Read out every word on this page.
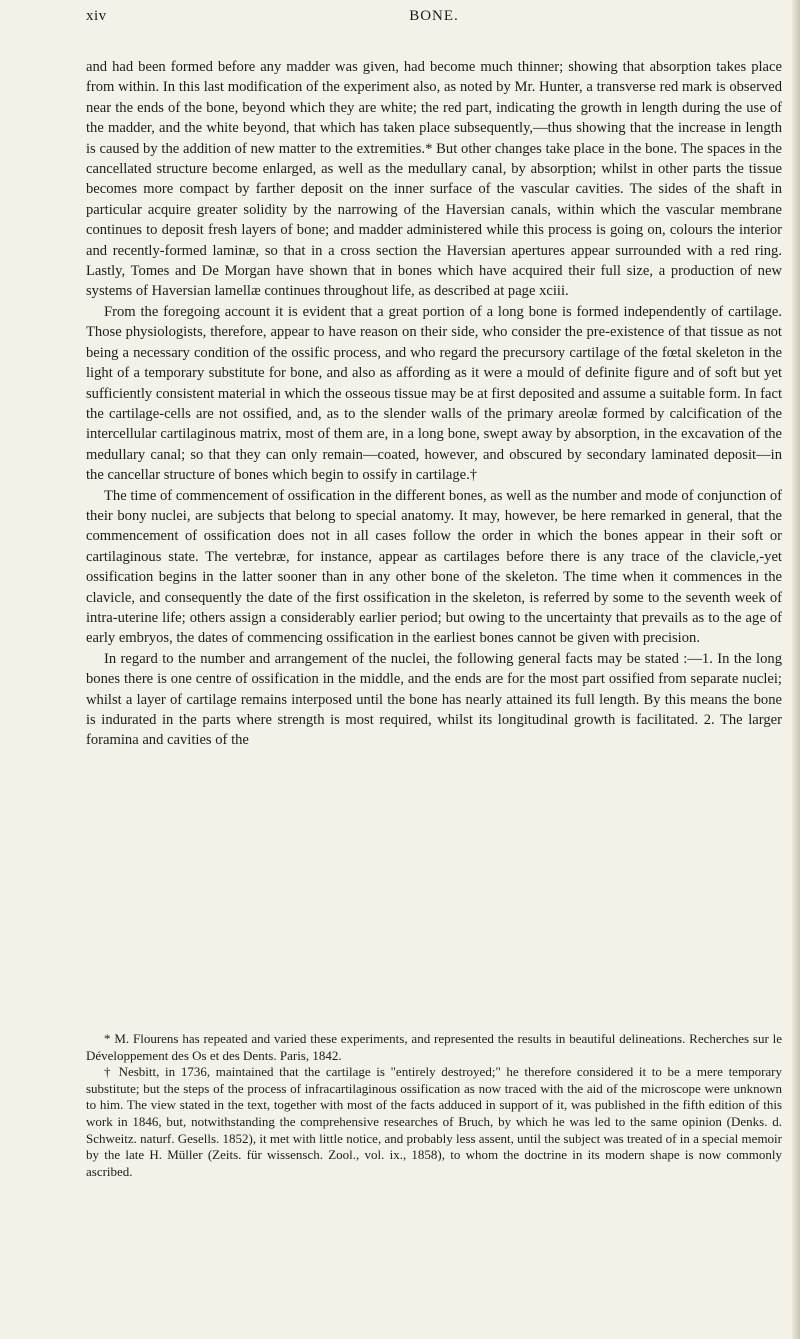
xiv	BONE.

and had been formed before any madder was given, had become much thinner; showing that absorption takes place from within. In this last modification of the experiment also, as noted by Mr. Hunter, a transverse red mark is observed near the ends of the bone, beyond which they are white; the red part, indicating the growth in length during the use of the madder, and the white beyond, that which has taken place subsequently,—thus showing that the increase in length is caused by the addition of new matter to the extremities.* But other changes take place in the bone. The spaces in the cancellated structure become enlarged, as well as the medullary canal, by absorption; whilst in other parts the tissue becomes more compact by farther deposit on the inner surface of the vascular cavities. The sides of the shaft in particular acquire greater solidity by the narrowing of the Haversian canals, within which the vascular membrane continues to deposit fresh layers of bone; and madder administered while this process is going on, colours the interior and recently-formed laminæ, so that in a cross section the Haversian apertures appear surrounded with a red ring. Lastly, Tomes and De Morgan have shown that in bones which have acquired their full size, a production of new systems of Haversian lamellæ continues throughout life, as described at page xciii.

From the foregoing account it is evident that a great portion of a long bone is formed independently of cartilage. Those physiologists, therefore, appear to have reason on their side, who consider the pre-existence of that tissue as not being a necessary condition of the ossific process, and who regard the precursory cartilage of the fœtal skeleton in the light of a temporary substitute for bone, and also as affording as it were a mould of definite figure and of soft but yet sufficiently consistent material in which the osseous tissue may be at first deposited and assume a suitable form. In fact the cartilage-cells are not ossified, and, as to the slender walls of the primary areolæ formed by calcification of the intercellular cartilaginous matrix, most of them are, in a long bone, swept away by absorption, in the excavation of the medullary canal; so that they can only remain—coated, however, and obscured by secondary laminated deposit—in the cancellar structure of bones which begin to ossify in cartilage.†

The time of commencement of ossification in the different bones, as well as the number and mode of conjunction of their bony nuclei, are subjects that belong to special anatomy. It may, however, be here remarked in general, that the commencement of ossification does not in all cases follow the order in which the bones appear in their soft or cartilaginous state. The vertebræ, for instance, appear as cartilages before there is any trace of the clavicle,-yet ossification begins in the latter sooner than in any other bone of the skeleton. The time when it commences in the clavicle, and consequently the date of the first ossification in the skeleton, is referred by some to the seventh week of intra-uterine life; others assign a considerably earlier period; but owing to the uncertainty that prevails as to the age of early embryos, the dates of commencing ossification in the earliest bones cannot be given with precision.

In regard to the number and arrangement of the nuclei, the following general facts may be stated :—1. In the long bones there is one centre of ossification in the middle, and the ends are for the most part ossified from separate nuclei; whilst a layer of cartilage remains interposed until the bone has nearly attained its full length. By this means the bone is indurated in the parts where strength is most required, whilst its longitudinal growth is facilitated. 2. The larger foramina and cavities of the

* M. Flourens has repeated and varied these experiments, and represented the results in beautiful delineations. Recherches sur le Développement des Os et des Dents. Paris, 1842.

† Nesbitt, in 1736, maintained that the cartilage is "entirely destroyed;" he therefore considered it to be a mere temporary substitute; but the steps of the process of infracartilaginous ossification as now traced with the aid of the microscope were unknown to him. The view stated in the text, together with most of the facts adduced in support of it, was published in the fifth edition of this work in 1846, but, notwithstanding the comprehensive researches of Bruch, by which he was led to the same opinion (Denks. d. Schweitz. naturf. Gesells. 1852), it met with little notice, and probably less assent, until the subject was treated of in a special memoir by the late H. Müller (Zeits. für wissensch. Zool., vol. ix., 1858), to whom the doctrine in its modern shape is now commonly ascribed.
